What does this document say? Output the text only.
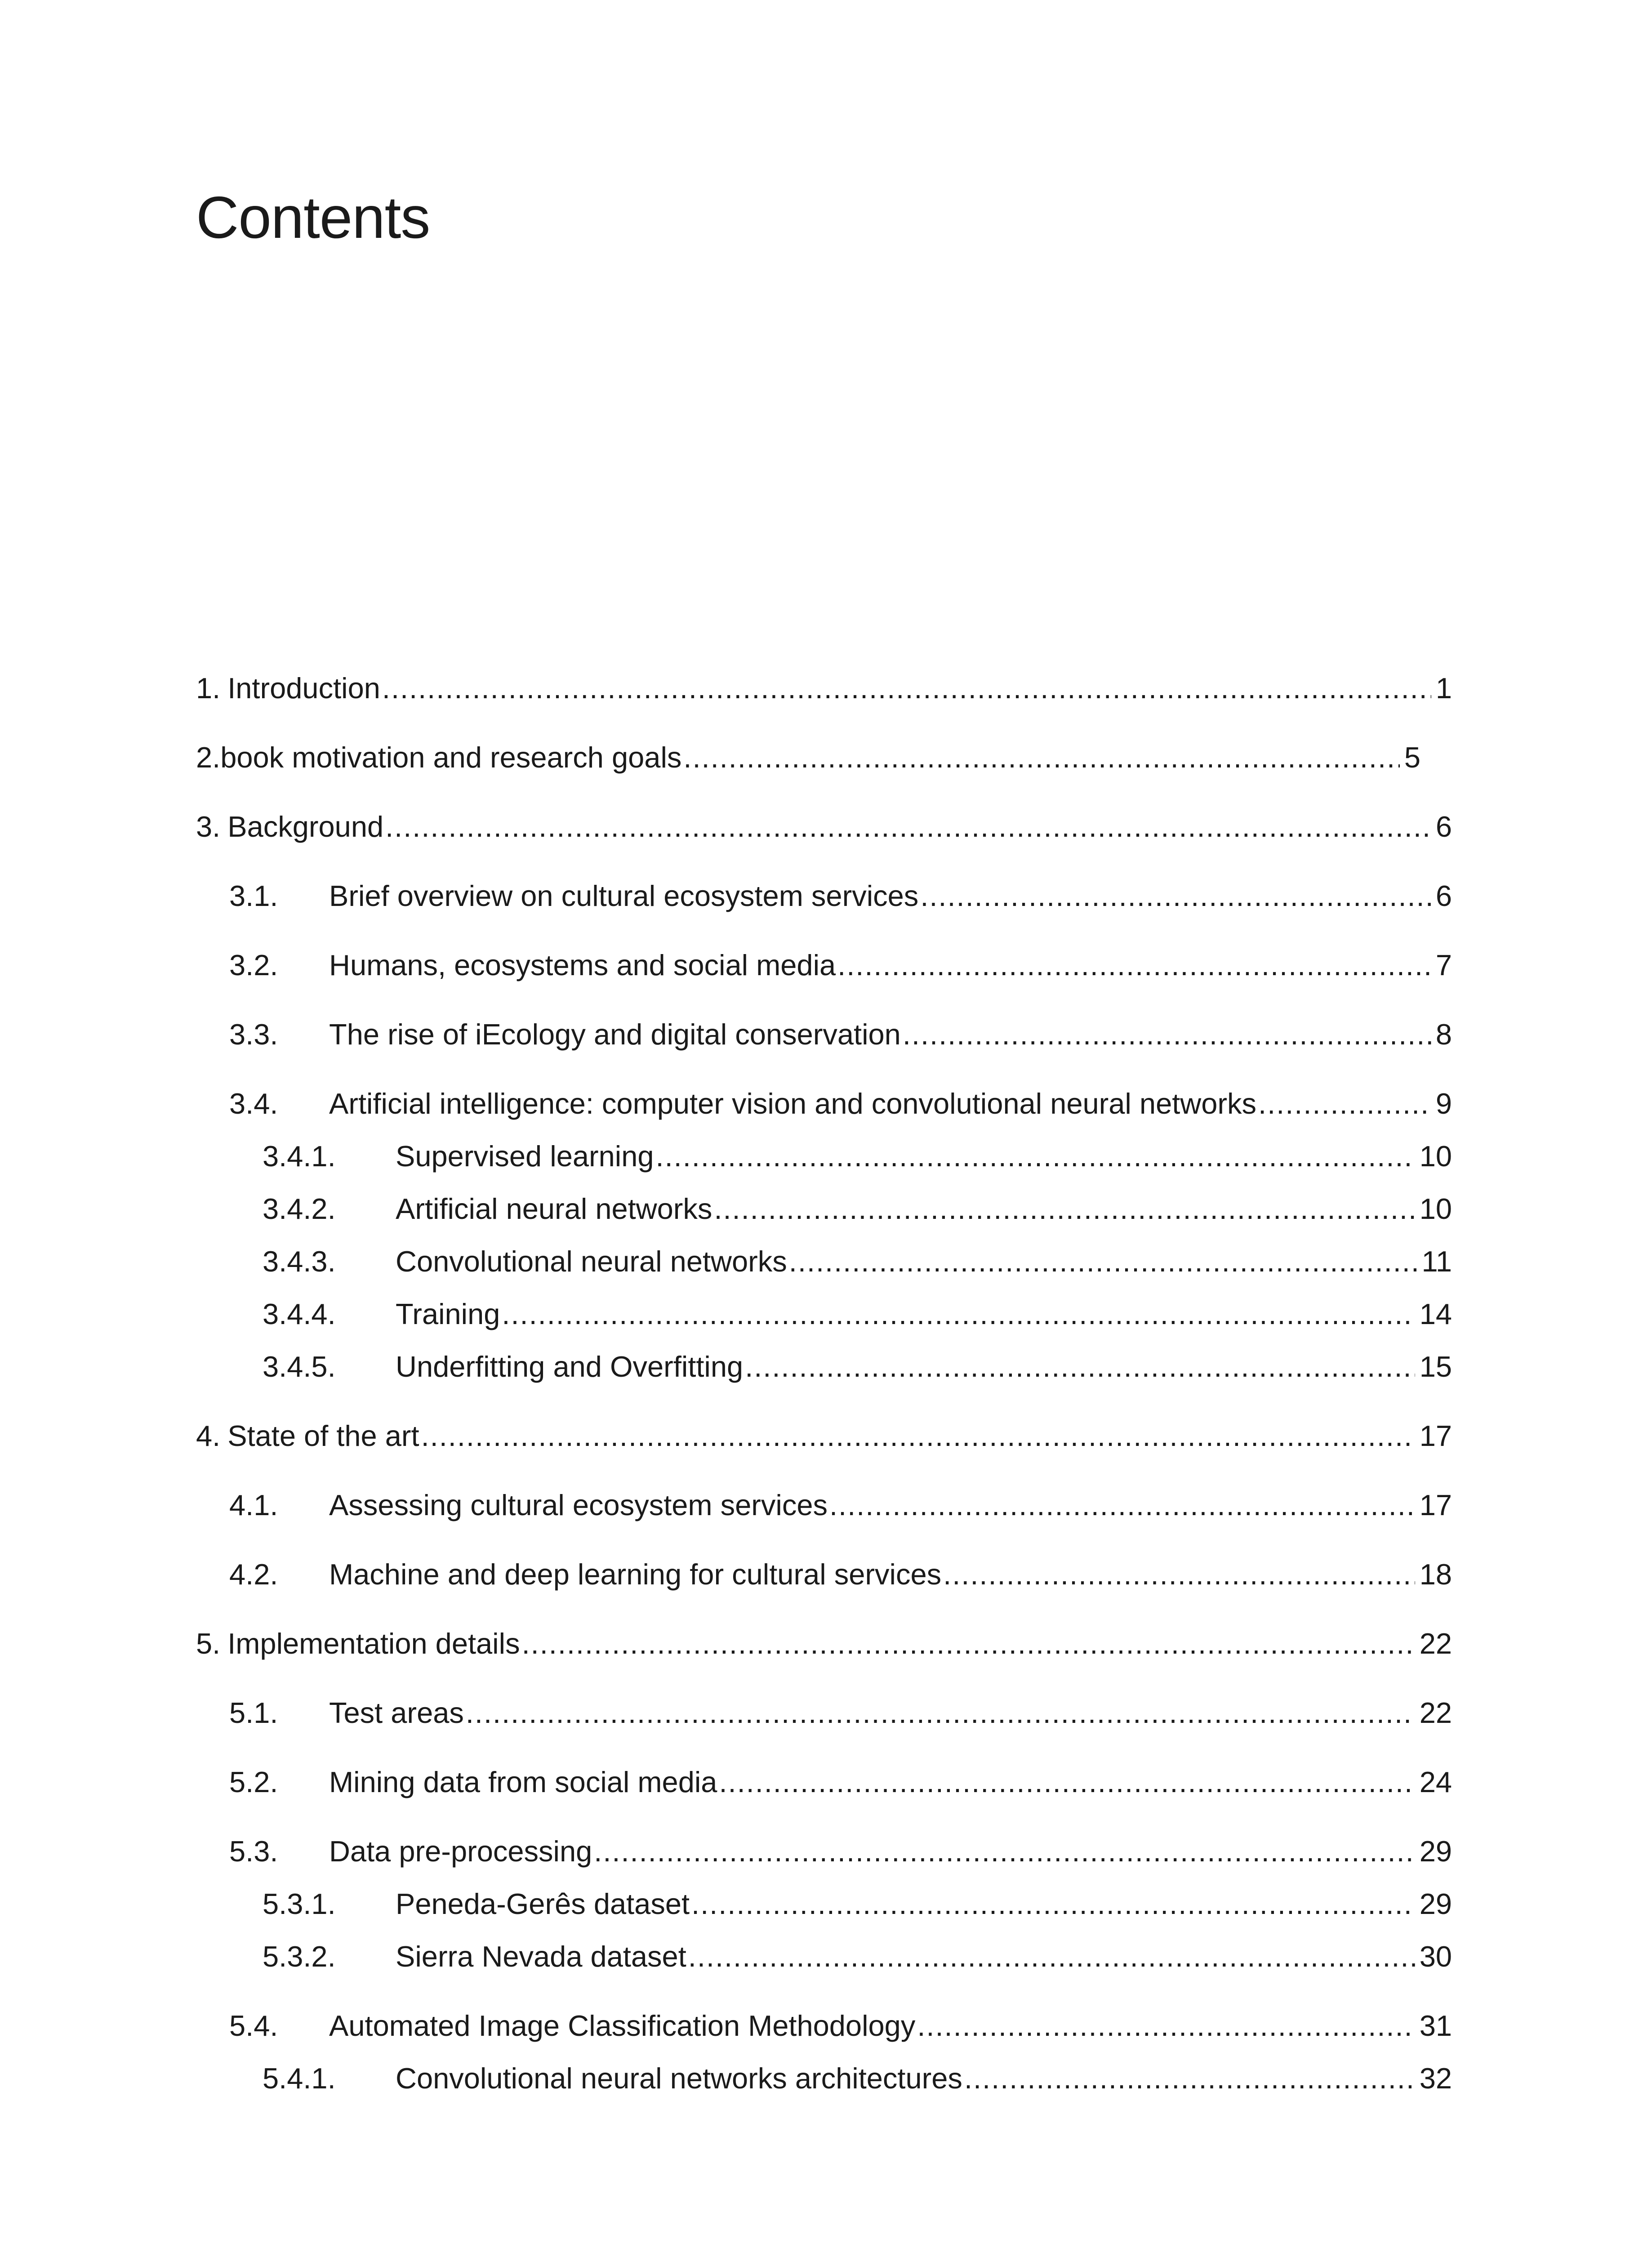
Contents
1. Introduction .....	1
2. book motivation and research goals .....	5
3. Background .....	6
3.1.	Brief overview on cultural ecosystem services .....	6
3.2.	Humans, ecosystems and social media .....	7
3.3.	The rise of iEcology and digital conservation .....	8
3.4.	Artificial intelligence: computer vision and convolutional neural networks .....	9
3.4.1.	Supervised learning .....	10
3.4.2.	Artificial neural networks .....	10
3.4.3.	Convolutional neural networks .....	11
3.4.4.	Training .....	14
3.4.5.	Underfitting and Overfitting .....	15
4. State of the art .....	17
4.1.	Assessing cultural ecosystem services .....	17
4.2.	Machine and deep learning for cultural services .....	18
5. Implementation details .....	22
5.1.	Test areas .....	22
5.2.	Mining data from social media .....	24
5.3.	Data pre-processing .....	29
5.3.1.	Peneda-Gerês dataset .....	29
5.3.2.	Sierra Nevada dataset .....	30
5.4.	Automated Image Classification Methodology .....	31
5.4.1.	Convolutional neural networks architectures .....	32
